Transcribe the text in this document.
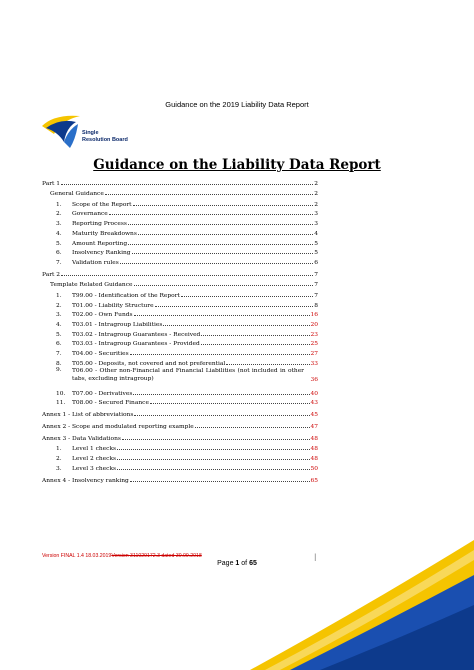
Guidance on the 2019 Liability Data Report
Single
Resolution Board
Guidance on the Liability Data Report
Part 1	2
General Guidance	2
1.	Scope of the Report	2
2.	Governance	3
3.	Reporting Process	3
4.	Maturity Breakdowns	4
5.	Amount Reporting	5
6.	Insolvency Ranking	5
7.	Validation rules	6
Part 2	7
Template Related Guidance	7
1.	T99.00 - Identification of the Report	7
2.	T01.00 - Liability Structure	8
3.	T02.00 - Own Funds	16
4.	T03.01 - Intragroup Liabilities	20
5.	T03.02 - Intragroup Guarantees - Received	23
6.	T03.03 - Intragroup Guarantees - Provided	25
7.	T04.00 - Securities	27
8.	T05.00 - Deposits, not covered and not preferential	33
9.	T06.00 - Other non-Financial and Financial Liabilities (not included in other tabs, excluding intragroup)	36
10.	T07.00 - Derivatives	40
11.	T08.00 - Secured Finance	43
Annex 1 - List of abbreviations	45
Annex 2 - Scope and modulated reporting example	47
Annex 3 - Data Validations	48
1.	Level 1 checks	48
2.	Level 2 checks	48
3.	Level 3 checks	50
Annex 4 - Insolvency ranking	65
Version FINAL 1.4 18.03.2019Version 311029172.3 dated 30.09.2018	|
Page 1 of 65
